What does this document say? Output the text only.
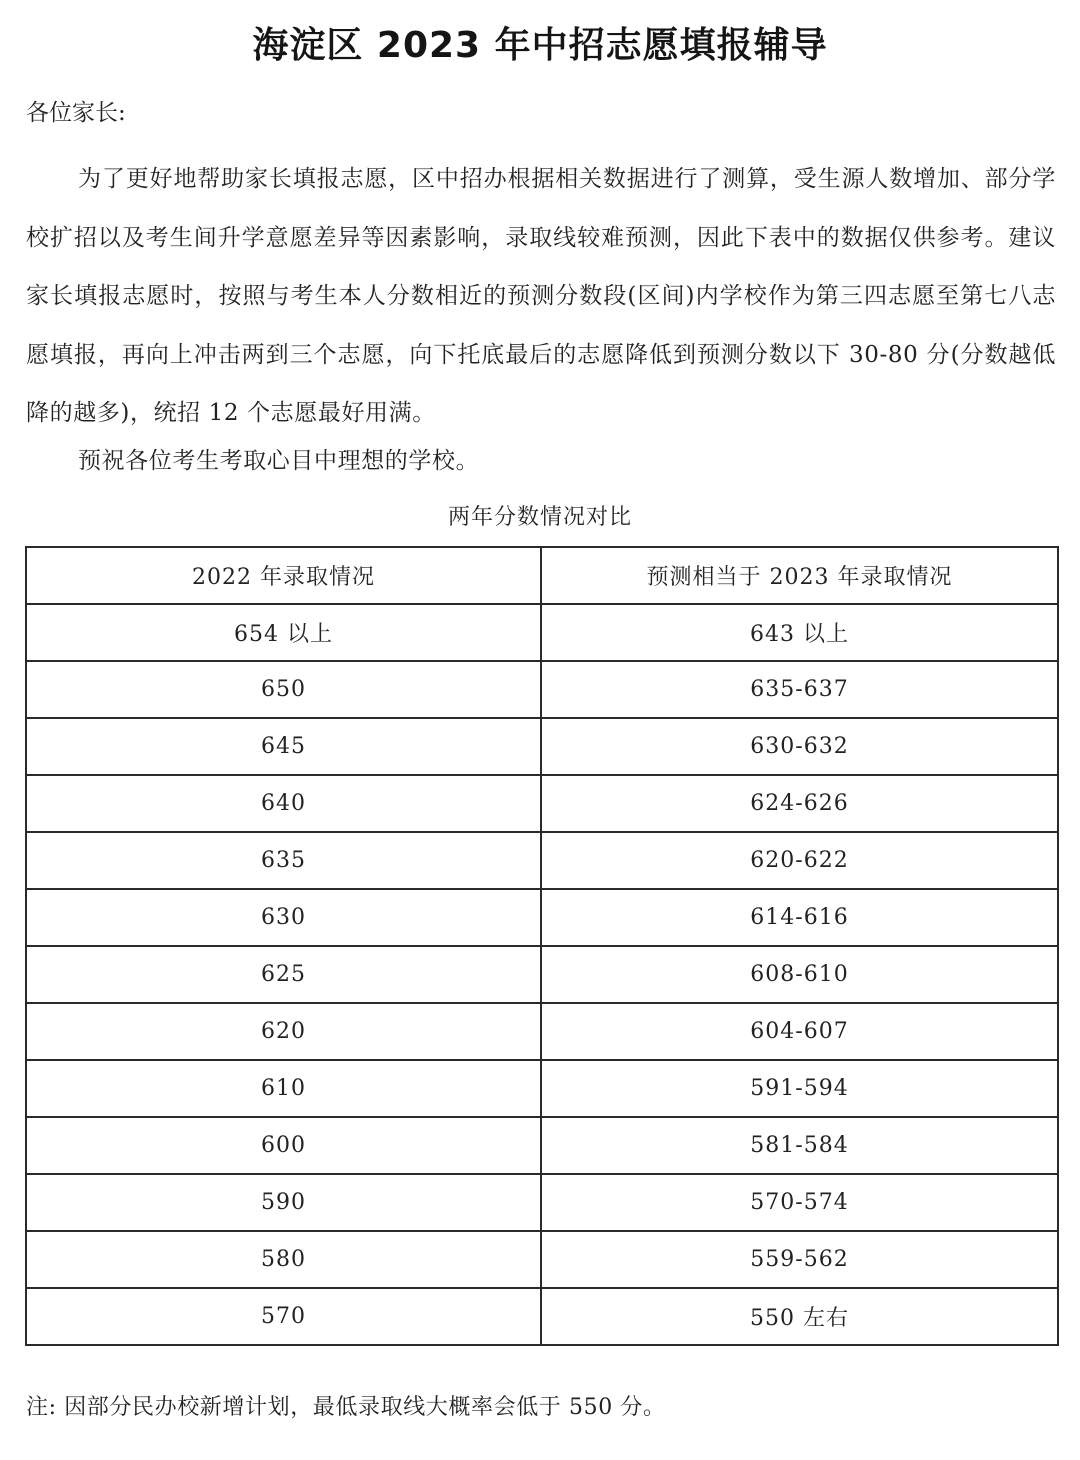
海淀区 2023 年中招志愿填报辅导
各位家长:

为了更好地帮助家长填报志愿，区中招办根据相关数据进行了测算，受生源人数增加、部分学校扩招以及考生间升学意愿差异等因素影响，录取线较难预测，因此下表中的数据仅供参考。建议家长填报志愿时，按照与考生本人分数相近的预测分数段(区间)内学校作为第三四志愿至第七八志愿填报，再向上冲击两到三个志愿，向下托底最后的志愿降低到预测分数以下 30-80 分(分数越低降的越多)，统招 12 个志愿最好用满。

预祝各位考生考取心目中理想的学校。
两年分数情况对比
2022 年录取情况	预测相当于 2023 年录取情况
654 以上	643 以上
650	635-637
645	630-632
640	624-626
635	620-622
630	614-616
625	608-610
620	604-607
610	591-594
600	581-584
590	570-574
580	559-562
570	550 左右
注: 因部分民办校新增计划，最低录取线大概率会低于 550 分。
